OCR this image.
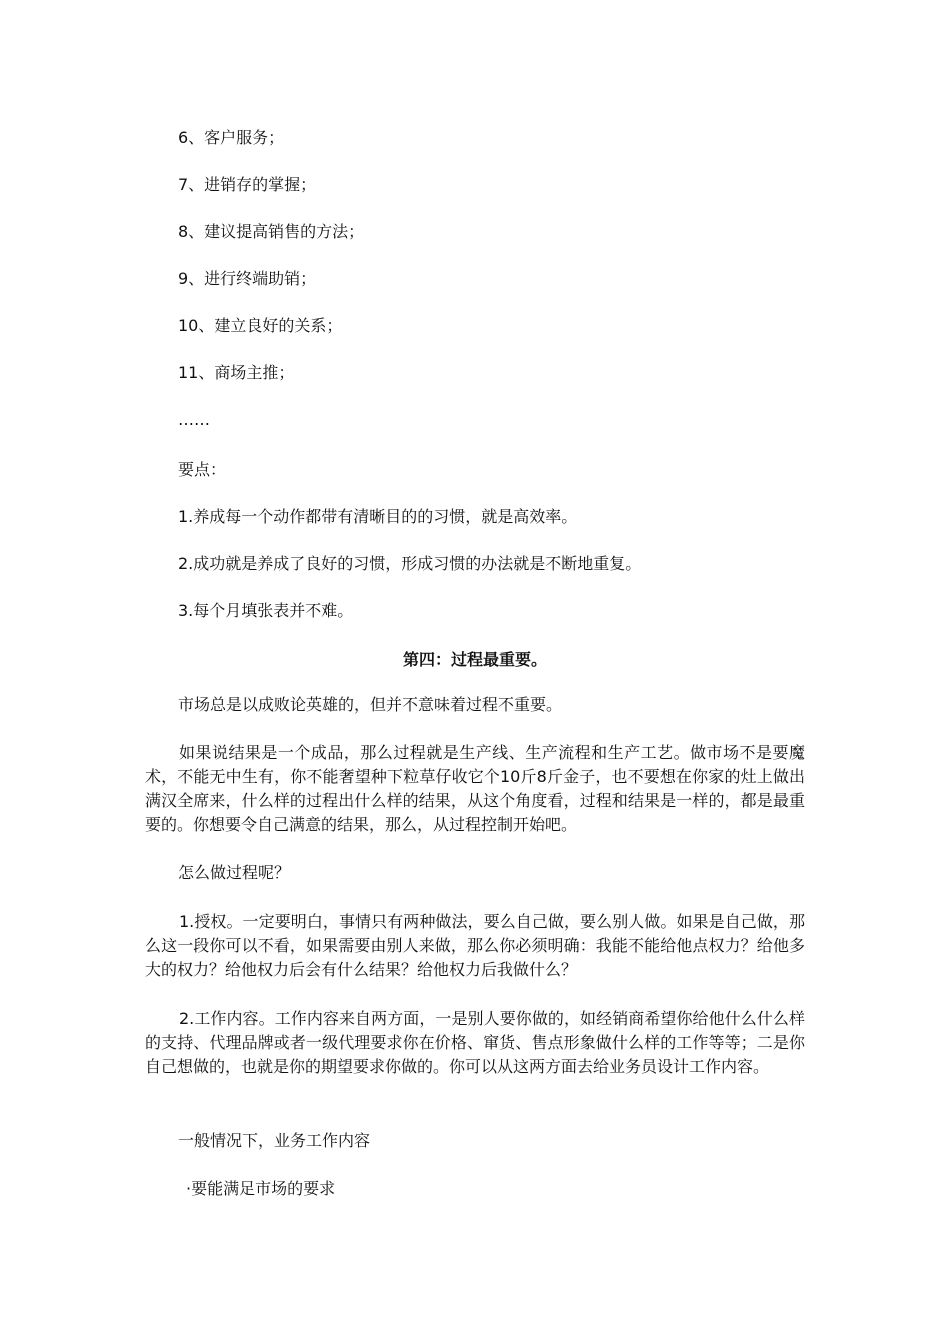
6、客户服务；
7、进销存的掌握；
8、建议提高销售的方法；
9、进行终端助销；
10、建立良好的关系；
11、商场主推；
……
要点：
1.养成每一个动作都带有清晰目的的习惯，就是高效率。
2.成功就是养成了良好的习惯，形成习惯的办法就是不断地重复。
3.每个月填张表并不难。
第四：过程最重要。
市场总是以成败论英雄的，但并不意味着过程不重要。
如果说结果是一个成品，那么过程就是生产线、生产流程和生产工艺。做市场不是要魔术，不能无中生有，你不能奢望种下粒草仔收它个10斤8斤金子，也不要想在你家的灶上做出满汉全席来，什么样的过程出什么样的结果，从这个角度看，过程和结果是一样的，都是最重要的。你想要令自己满意的结果，那么，从过程控制开始吧。
怎么做过程呢？
1.授权。一定要明白，事情只有两种做法，要么自己做，要么别人做。如果是自己做，那么这一段你可以不看，如果需要由别人来做，那么你必须明确：我能不能给他点权力？给他多大的权力？给他权力后会有什么结果？给他权力后我做什么？
2.工作内容。工作内容来自两方面，一是别人要你做的，如经销商希望你给他什么什么样的支持、代理品牌或者一级代理要求你在价格、窜货、售点形象做什么样的工作等等；二是你自己想做的，也就是你的期望要求你做的。你可以从这两方面去给业务员设计工作内容。
一般情况下，业务工作内容
·要能满足市场的要求
